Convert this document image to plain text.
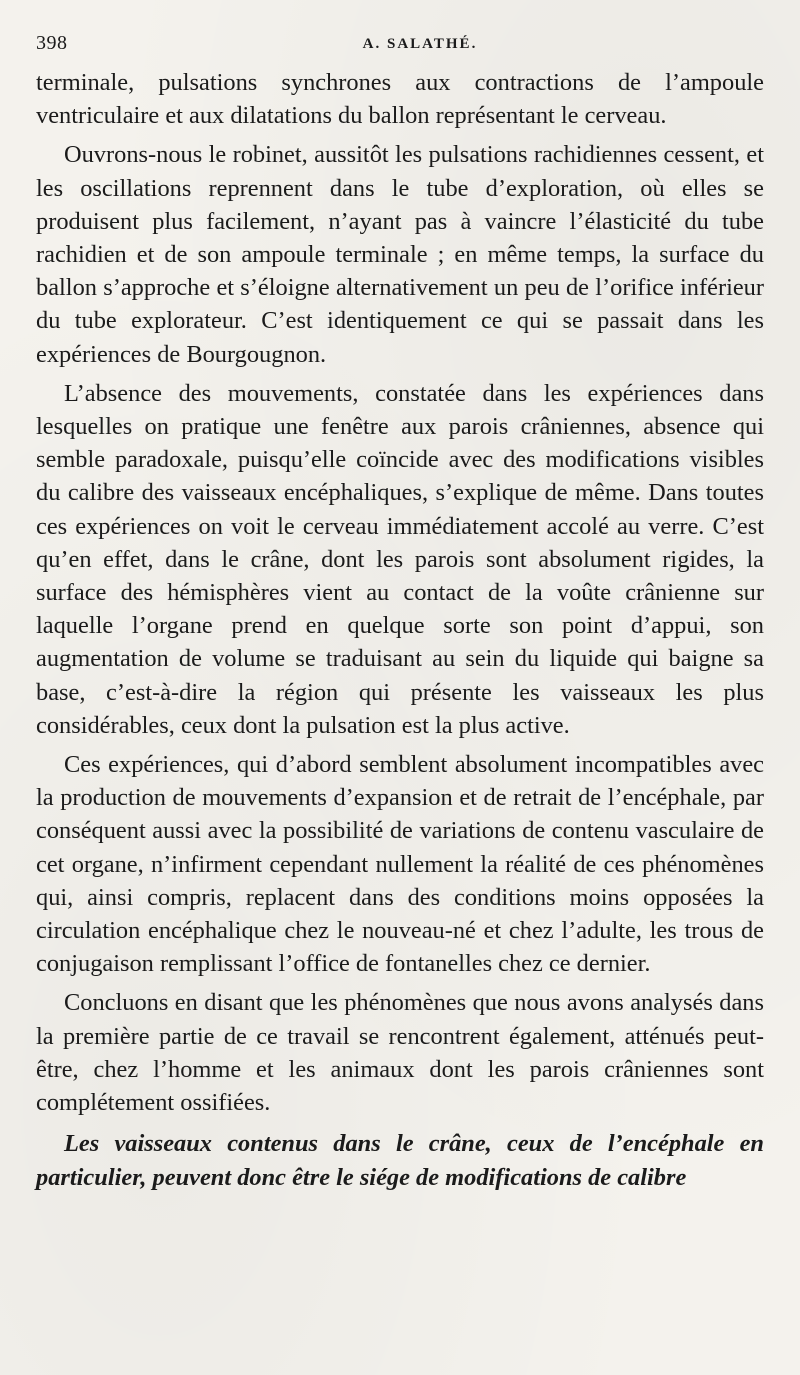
398	A. SALATHÉ.

terminale, pulsations synchrones aux contractions de l’ampoule ventriculaire et aux dilatations du ballon représentant le cerveau.

Ouvrons-nous le robinet, aussitôt les pulsations rachidiennes cessent, et les oscillations reprennent dans le tube d’exploration, où elles se produisent plus facilement, n’ayant pas à vaincre l’élasticité du tube rachidien et de son ampoule terminale ; en même temps, la surface du ballon s’approche et s’éloigne alternativement un peu de l’orifice inférieur du tube explorateur. C’est identiquement ce qui se passait dans les expériences de Bourgougnon.

L’absence des mouvements, constatée dans les expériences dans lesquelles on pratique une fenêtre aux parois crâniennes, absence qui semble paradoxale, puisqu’elle coïncide avec des modifications visibles du calibre des vaisseaux encéphaliques, s’explique de même. Dans toutes ces expériences on voit le cerveau immédiatement accolé au verre. C’est qu’en effet, dans le crâne, dont les parois sont absolument rigides, la surface des hémisphères vient au contact de la voûte crânienne sur laquelle l’organe prend en quelque sorte son point d’appui, son augmentation de volume se traduisant au sein du liquide qui baigne sa base, c’est-à-dire la région qui présente les vaisseaux les plus considérables, ceux dont la pulsation est la plus active.

Ces expériences, qui d’abord semblent absolument incompatibles avec la production de mouvements d’expansion et de retrait de l’encéphale, par conséquent aussi avec la possibilité de variations de contenu vasculaire de cet organe, n’infirment cependant nullement la réalité de ces phénomènes qui, ainsi compris, replacent dans des conditions moins opposées la circulation encéphalique chez le nouveau-né et chez l’adulte, les trous de conjugaison remplissant l’office de fontanelles chez ce dernier.

Concluons en disant que les phénomènes que nous avons analysés dans la première partie de ce travail se rencontrent également, atténués peut-être, chez l’homme et les animaux dont les parois crâniennes sont complétement ossifiées.

Les vaisseaux contenus dans le crâne, ceux de l’encéphale en particulier, peuvent donc être le siége de modifications de calibre
